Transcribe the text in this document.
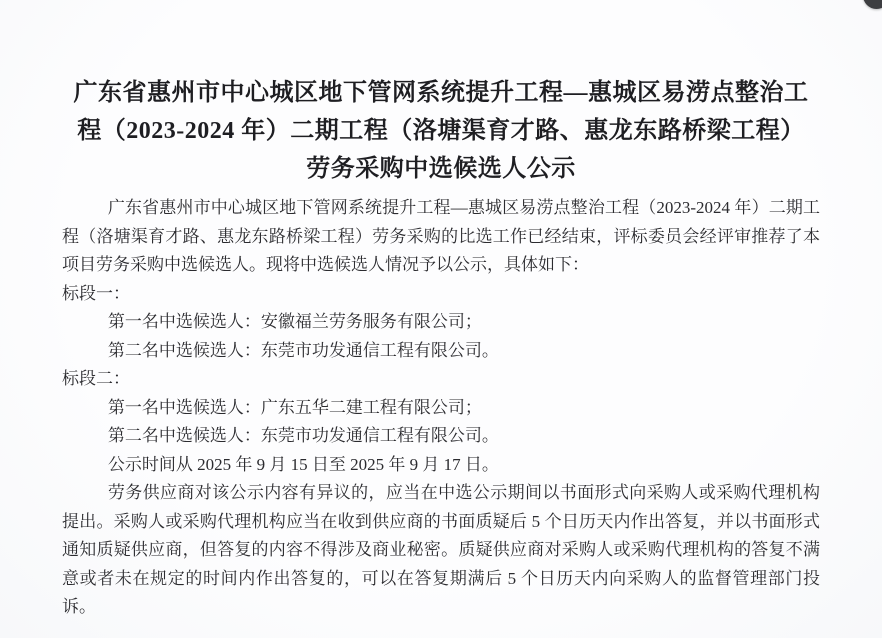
广东省惠州市中心城区地下管网系统提升工程—惠城区易涝点整治工
程（2023-2024 年）二期工程（洛塘渠育才路、惠龙东路桥梁工程）
劳务采购中选候选人公示

广东省惠州市中心城区地下管网系统提升工程—惠城区易涝点整治工程（2023-2024 年）二期工程（洛塘渠育才路、惠龙东路桥梁工程）劳务采购的比选工作已经结束，评标委员会经评审推荐了本项目劳务采购中选候选人。现将中选候选人情况予以公示，具体如下：

标段一：

第一名中选候选人：安徽福兰劳务服务有限公司；

第二名中选候选人：东莞市功发通信工程有限公司。

标段二：

第一名中选候选人：广东五华二建工程有限公司；

第二名中选候选人：东莞市功发通信工程有限公司。

公示时间从 2025 年 9 月 15 日至 2025 年 9 月 17 日。

劳务供应商对该公示内容有异议的，应当在中选公示期间以书面形式向采购人或采购代理机构提出。采购人或采购代理机构应当在收到供应商的书面质疑后 5 个日历天内作出答复，并以书面形式通知质疑供应商，但答复的内容不得涉及商业秘密。质疑供应商对采购人或采购代理机构的答复不满意或者未在规定的时间内作出答复的，可以在答复期满后 5 个日历天内向采购人的监督管理部门投诉。
